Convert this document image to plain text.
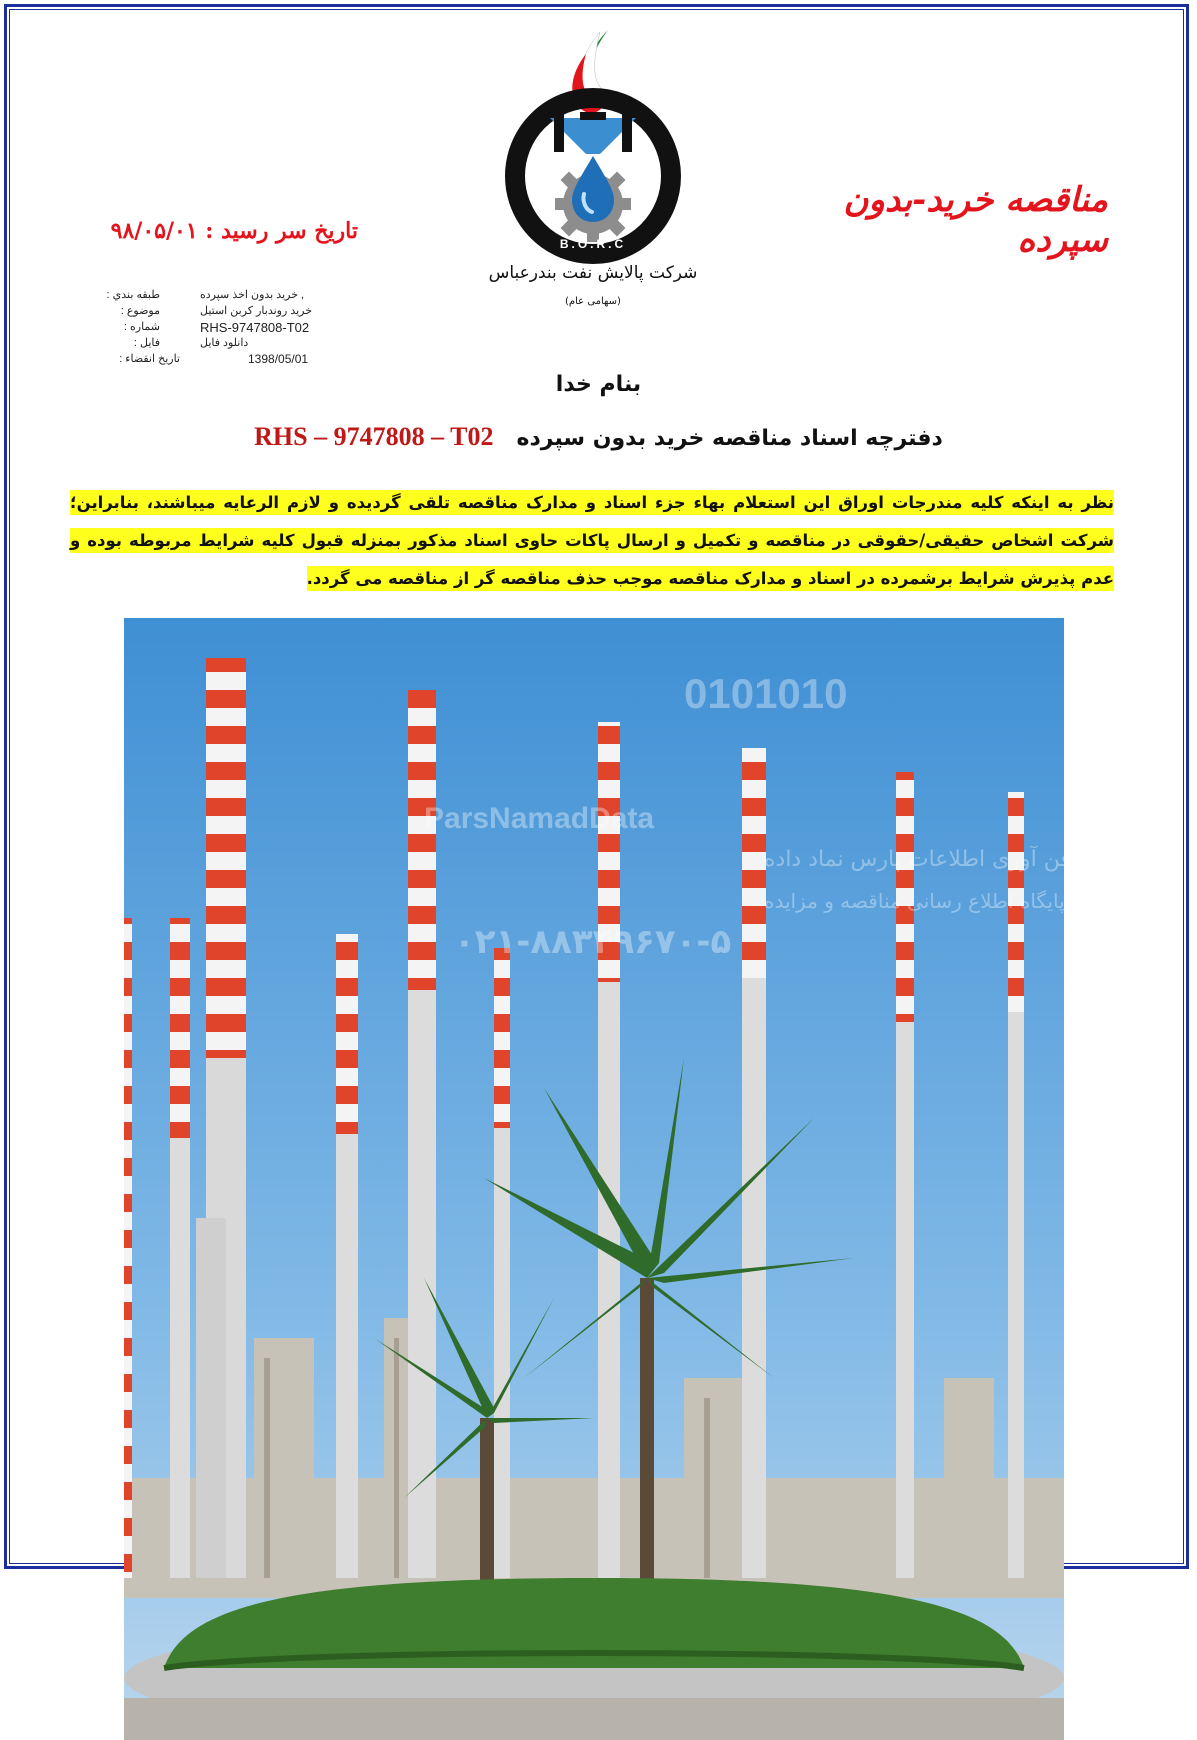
B.O.R.C
شرکت پالایش نفت بندرعباس
(سهامی عام)
مناقصه خرید-بدون سپرده
تاریخ سر رسید : ۹۸/۰۵/۰۱
طبقه بندي :	, خريد بدون اخذ سپرده
موضوع :	خريد روندبار كربن استيل
شماره :	RHS-9747808-T02
فايل :	دانلود فايل
تاريخ انقضاء :	1398/05/01
بنام خدا
دفترچه اسناد مناقصه خرید بدون سپرده   RHS – 9747808 – T02
نظر به اینکه کلیه مندرجات اوراق این استعلام بهاء جزء اسناد و مدارک مناقصه تلقی گردیده و لازم الرعایه میباشند، بنابراین؛ شرکت اشخاص حقیقی/حقوقی در مناقصه و تکمیل و ارسال پاکات حاوی اسناد مذکور بمنزله قبول کلیه شرایط مربوطه بوده و عدم پذیرش شرایط برشمرده در اسناد و مدارک مناقصه موجب حذف مناقصه گر از مناقصه می گردد.
0101010
ParsNamadData
مرکز فن آوری اطلاعات پارس نماد داده
پایگاه اطلاع رسانی مناقصه و مزایده
۰۲۱-۸۸۳۴۹۶۷۰-۵
